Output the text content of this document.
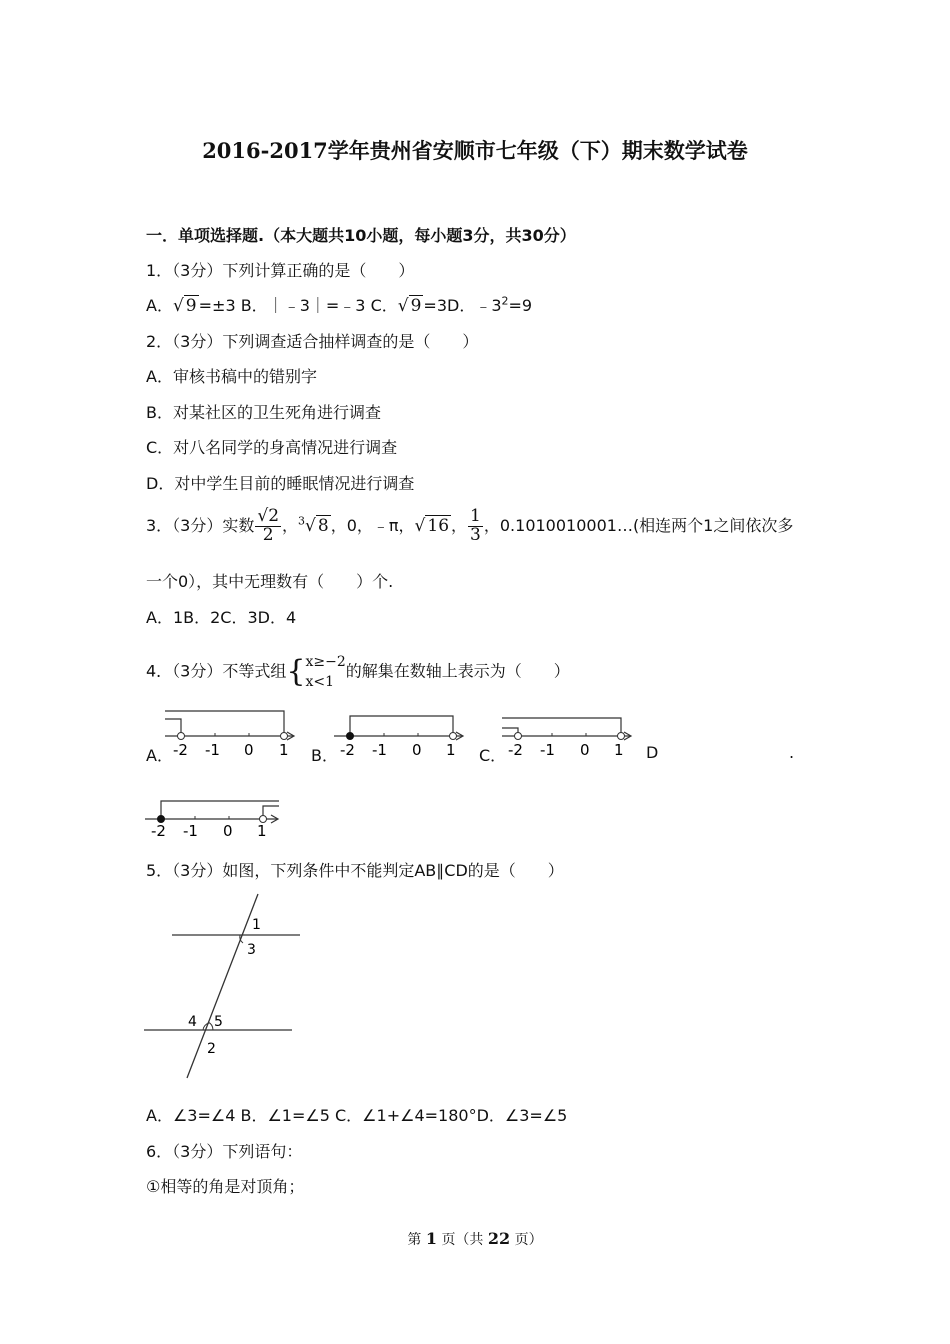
2016-2017学年贵州省安顺市七年级（下）期末数学试卷
一．单项选择题.（本大题共10小题，每小题3分，共30分）
1．（3分）下列计算正确的是（　　）
A．√ 9 =±3 B．｜﹣3｜=﹣3 C．√ 9 =3D．$﹣3^2=9$
2．（3分）下列调查适合抽样调查的是（　　）
A．审核书稿中的错别字
B．对某社区的卫生死角进行调查
C．对八名同学的身高情况进行调查
D．对中学生目前的睡眠情况进行调查
3．（3分）实数 $\frac{√2}{2}$ ，$^3$√ 8 ，0，﹣π，√ 16 ， $\frac{1}{3}$ ，0.1010010001…(相连两个1之间依次多
一个0），其中无理数有（　　）个.
A．1B．2C．3D．4
4．（3分）不等式组{ x≥−2
x<1
的解集在数轴上表示为（　　）
A．	B．	C．	D	.
-2 -1 0 1	-2 -1 0 1	-2 -1 0 1
-2 -1 0 1
5．（3分）如图，下列条件中不能判定AB∥CD的是（　　）
1
3
4 5
2
A．∠3=∠4 B．∠1=∠5 C．∠1+∠4=180°D．∠3=∠5
6．（3分）下列语句：
①相等的角是对顶角；
第 1 页（共 22 页）
